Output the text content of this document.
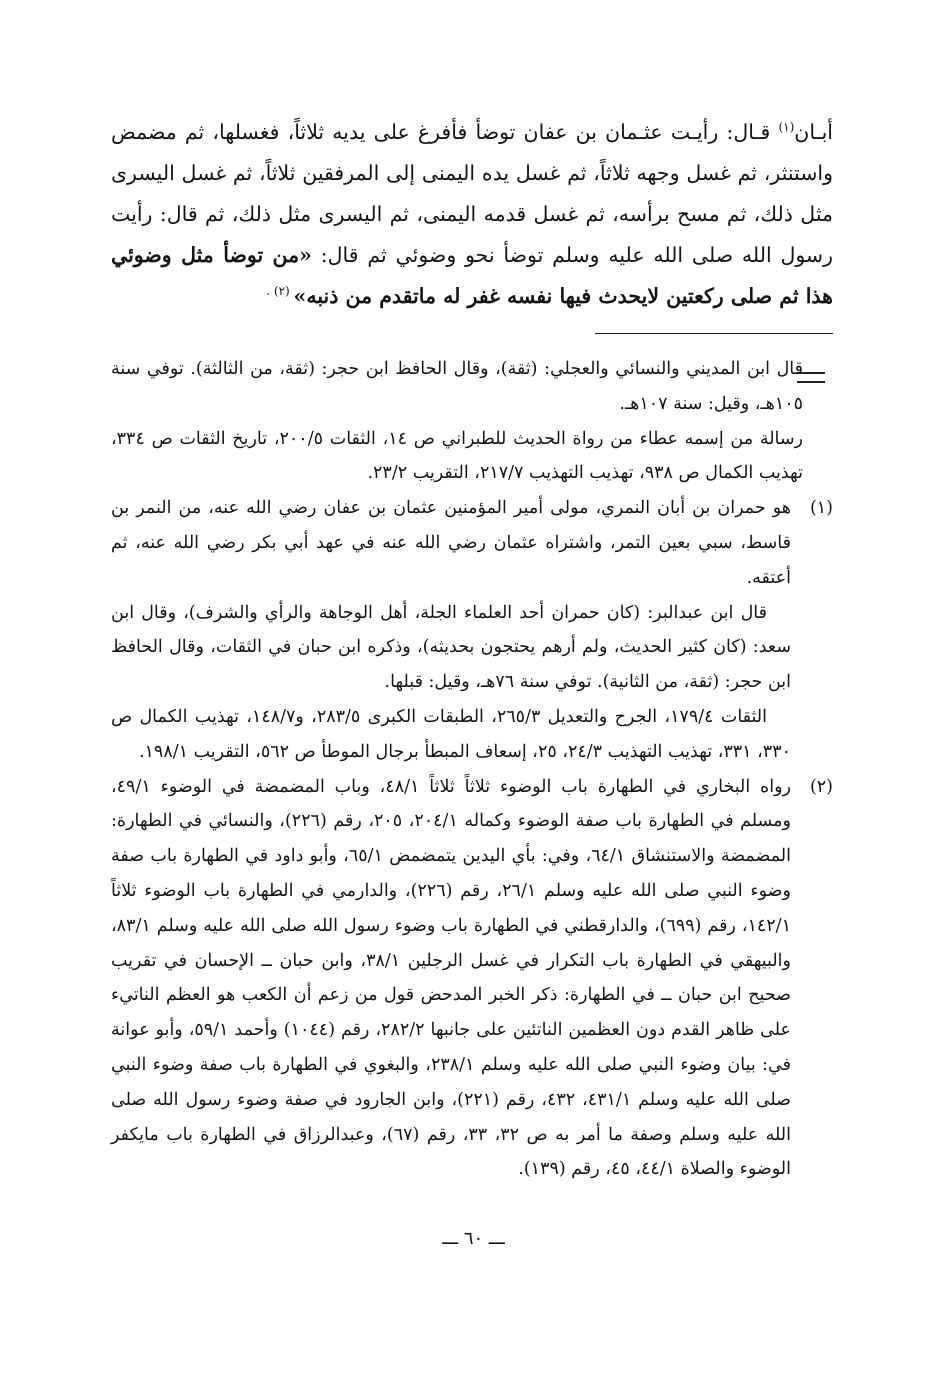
أبـان$^{(١)}$ قـال: رأيـت عثـمان بن عفان توضأ فأفرغ على يديه ثلاثاً، فغسلها، ثم مضمض واستنثر، ثم غسل وجهه ثلاثاً، ثم غسل يده اليمنى إلى المرفقين ثلاثاً، ثم غسل اليسرى مثل ذلك، ثم مسح برأسه، ثم غسل قدمه اليمنى، ثم اليسرى مثل ذلك، ثم قال: رأيت رسول الله صلى الله عليه وسلم توضأ نحو وضوئي ثم قال: «من توضأ مثل وضوئي هذا ثم صلى ركعتين لايحدث فيها نفسه غفر له ماتقدم من ذنبه» $^{(٢) .}$
قال ابن المديني والنسائي والعجلي: (ثقة)، وقال الحافظ ابن حجر: (ثقة، من الثالثة). توفي سنة ١٠٥هـ، وقيل: سنة ١٠٧هـ.
رسالة من إسمه عطاء من رواة الحديث للطبراني ص ١٤، الثقات ٢٠٠/٥، تاريخ الثقات ص ٣٣٤، تهذيب الكمال ص ٩٣٨، تهذيب التهذيب ٢١٧/٧، التقريب ٢٣/٢.
(١)

هو حمران بن أبان النمري، مولى أمير المؤمنين عثمان بن عفان رضي الله عنه، من النمر بن قاسط، سبي بعين التمر، واشتراه عثمان رضي الله عنه في عهد أبي بكر رضي الله عنه، ثم أعتقه.

قال ابن عبدالبر: (كان حمران أحد العلماء الجلة، أهل الوجاهة والرأي والشرف)، وقال ابن سعد: (كان كثير الحديث، ولم أرهم يحتجون بحديثه)، وذكره ابن حبان في الثقات، وقال الحافظ ابن حجر: (ثقة، من الثانية). توفي سنة ٧٦هـ، وقيل: قبلها.

الثقات ١٧٩/٤، الجرح والتعديل ٢٦٥/٣، الطبقات الكبرى ٢٨٣/٥، و١٤٨/٧، تهذيب الكمال ص ٣٣٠، ٣٣١، تهذيب التهذيب ٢٤/٣، ٢٥، إسعاف المبطأ برجال الموطأ ص ٥٦٢، التقريب ١٩٨/١.

(٢)

رواه البخاري في الطهارة باب الوضوء ثلاثاً ثلاثاً ٤٨/١، وباب المضمضة في الوضوء ٤٩/١، ومسلم في الطهارة باب صفة الوضوء وكماله ٢٠٤/١، ٢٠٥، رقم (٢٢٦)، والنسائي في الطهارة: المضمضة والاستنشاق ٦٤/١، وفي: بأي اليدين يتمضمض ٦٥/١، وأبو داود في الطهارة باب صفة وضوء النبي صلى الله عليه وسلم ٢٦/١، رقم (٢٢٦)، والدارمي في الطهارة باب الوضوء ثلاثاً ١٤٢/١، رقم (٦٩٩)، والدارقطني في الطهارة باب وضوء رسول الله صلى الله عليه وسلم ٨٣/١، والبيهقي في الطهارة باب التكرار في غسل الرجلين ٣٨/١، وابن حبان ــ الإحسان في تقريب صحيح ابن حبان ــ في الطهارة: ذكر الخبر المدحض قول من زعم أن الكعب هو العظم الناتيء على ظاهر القدم دون العظمين الناتئين على جانبها ٢٨٢/٢، رقم (١٠٤٤) وأحمد ٥٩/١، وأبو عوانة في: بيان وضوء النبي صلى الله عليه وسلم ٢٣٨/١، والبغوي في الطهارة باب صفة وضوء النبي صلى الله عليه وسلم ٤٣١/١، ٤٣٢، رقم (٢٢١)، وابن الجارود في صفة وضوء رسول الله صلى الله عليه وسلم وصفة ما أمر به ص ٣٢، ٣٣، رقم (٦٧)، وعبدالرزاق في الطهارة باب مايكفر الوضوء والصلاة ٤٤/١، ٤٥، رقم (١٣٩).

ـــ ٦٠ ـــ
